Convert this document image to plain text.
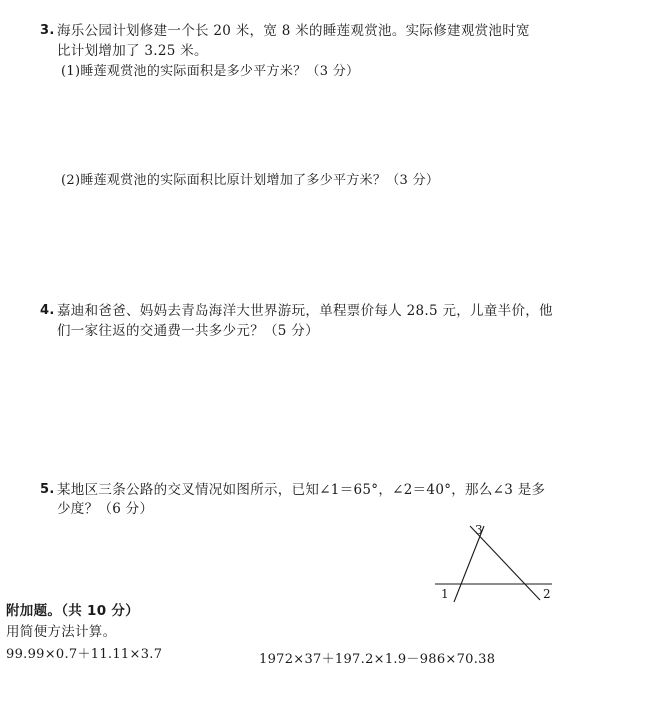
3. 海乐公园计划修建一个长 20 米，宽 8 米的睡莲观赏池。实际修建观赏池时宽
比计划增加了 3.25 米。
(1)睡莲观赏池的实际面积是多少平方米？（3 分）
(2)睡莲观赏池的实际面积比原计划增加了多少平方米？（3 分）
4. 嘉迪和爸爸、妈妈去青岛海洋大世界游玩，单程票价每人 28.5 元，儿童半价，他
们一家往返的交通费一共多少元？（5 分）
5. 某地区三条公路的交叉情况如图所示，已知∠1＝65°，∠2＝40°，那么∠3 是多
少度？（6 分）
1	2
3
附加题。（共 10 分）
用简便方法计算。
99.99×0.7＋11.11×3.7	1972×37＋197.2×1.9－986×70.38
